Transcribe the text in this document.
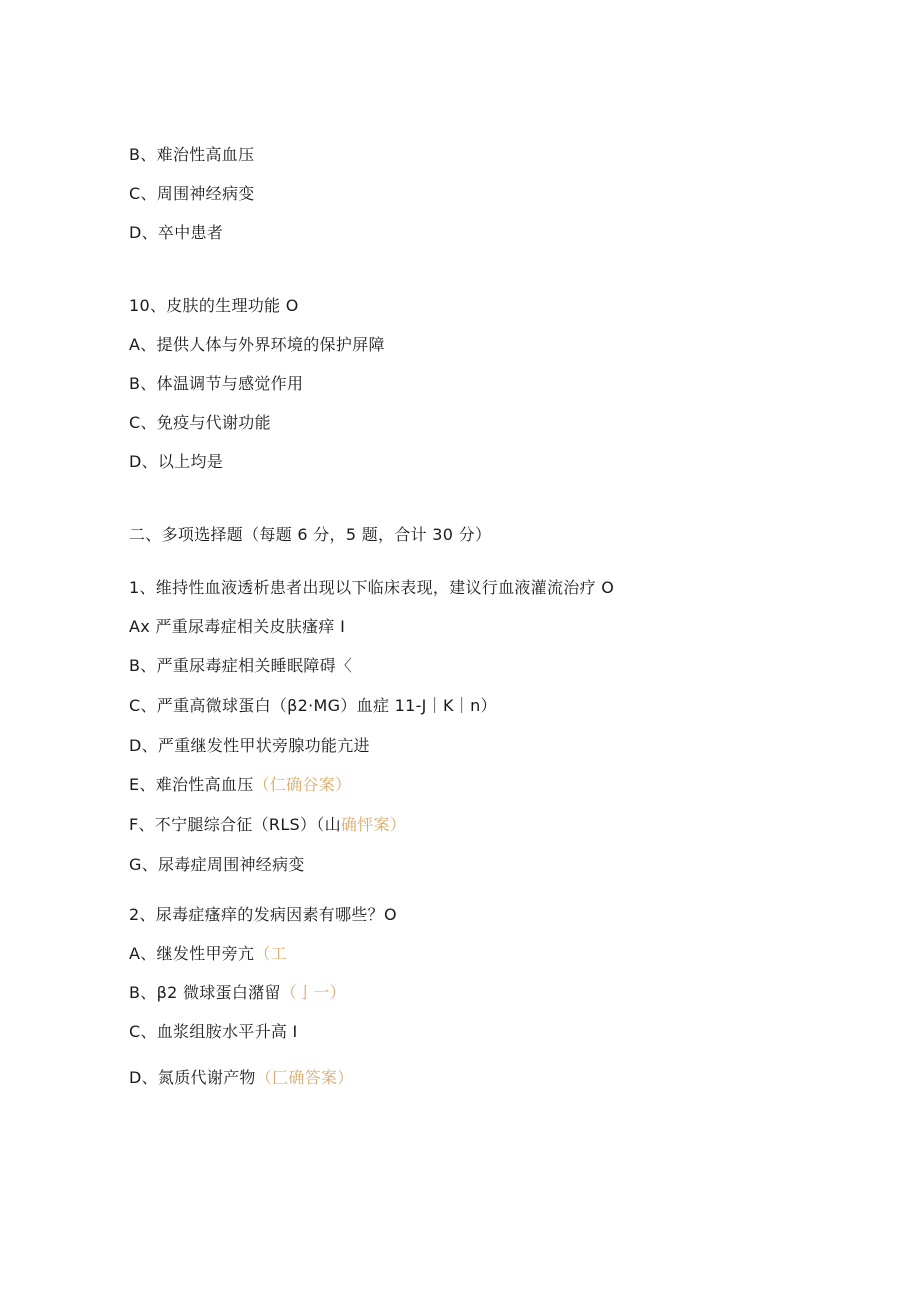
B、难治性高血压
C、周围神经病变
D、卒中患者
10、皮肤的生理功能 O
A、提供人体与外界环境的保护屏障
B、体温调节与感觉作用
C、免疫与代谢功能
D、以上均是
二、多项选择题（每题 6 分，5 题，合计 30 分）
1、维持性血液透析患者出现以下临床表现，建议行血液灌流治疗 O
Ax 严重尿毒症相关皮肤瘙痒 I
B、严重尿毒症相关睡眠障碍〈
C、严重高微球蛋白（β2·MG）血症 11-J｜K｜n）
D、严重继发性甲状旁腺功能亢进
E、难治性高血压（仁确谷案）
F、不宁腿综合征（RLS）（山确怦案）
G、尿毒症周围神经病变
2、尿毒症瘙痒的发病因素有哪些？O
A、继发性甲旁亢（工
B、β2 微球蛋白潴留（亅一）
C、血浆组胺水平升高 I
D、氮质代谢产物（匚确答案）
